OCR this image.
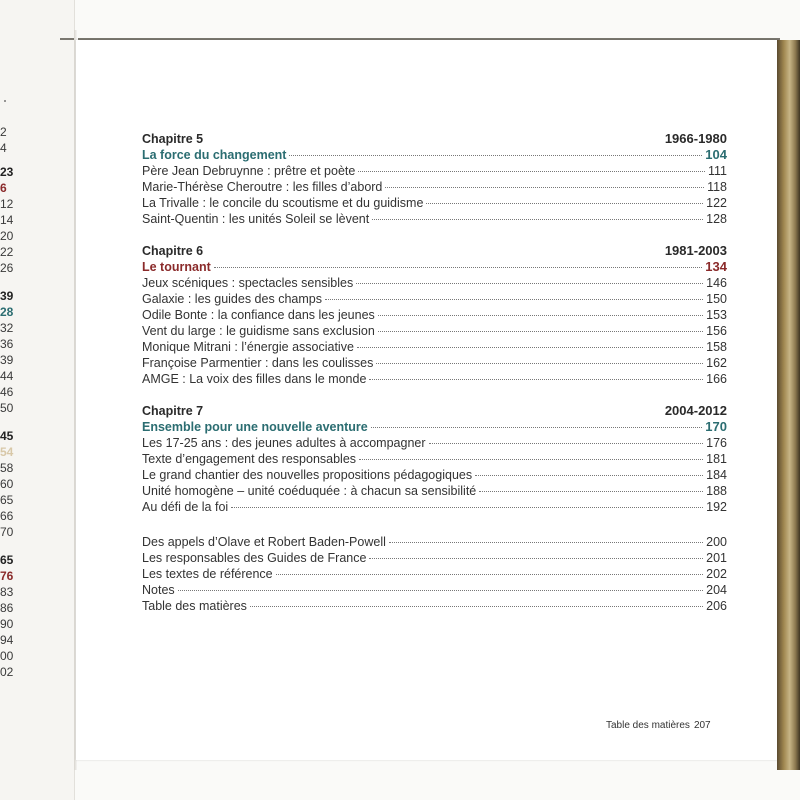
2
4
23
6
12
14
20
22
26
39
28
32
36
39
44
46
50
45
54
58
60
65
66
70
65
76
83
86
90
94
00
02
Chapitre 5	1966-1980
La force du changement	104
Père Jean Debruynne : prêtre et poète	111
Marie-Thérèse Cheroutre : les filles d’abord	118
La Trivalle : le concile du scoutisme et du guidisme	122
Saint-Quentin : les unités Soleil se lèvent	128
Chapitre 6	1981-2003
Le tournant	134
Jeux scéniques : spectacles sensibles	146
Galaxie : les guides des champs	150
Odile Bonte : la confiance dans les jeunes	153
Vent du large : le guidisme sans exclusion	156
Monique Mitrani : l’énergie associative	158
Françoise Parmentier : dans les coulisses	162
AMGE : La voix des filles dans le monde	166
Chapitre 7	2004-2012
Ensemble pour une nouvelle aventure	170
Les 17-25 ans : des jeunes adultes à accompagner	176
Texte d’engagement des responsables	181
Le grand chantier des nouvelles propositions pédagogiques	184
Unité homogène – unité coéduquée : à chacun sa sensibilité	188
Au défi de la foi	192
Des appels d’Olave et Robert Baden-Powell	200
Les responsables des Guides de France	201
Les textes de référence	202
Notes	204
Table des matières	206
Table des matières 207
